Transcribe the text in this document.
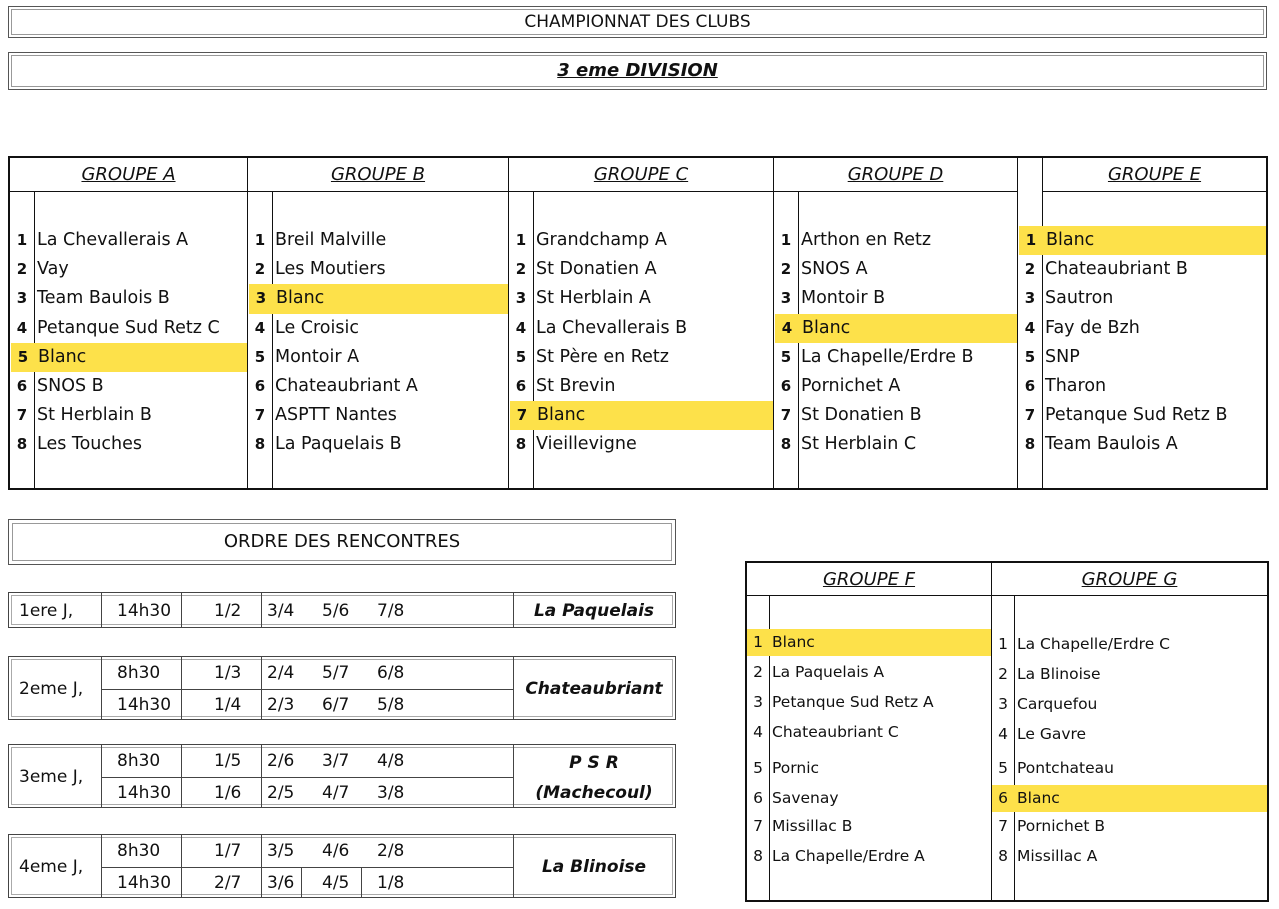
CHAMPIONNAT DES CLUBS
3 eme DIVISION
GROUPE A
1 La Chevallerais A
2 Vay
3 Team Baulois B
4 Petanque Sud Retz C
5 Blanc
6 SNOS B
7 St Herblain B
8 Les Touches
GROUPE B
1 Breil Malville
2 Les Moutiers
3 Blanc
4 Le Croisic
5 Montoir A
6 Chateaubriant A
7 ASPTT Nantes
8 La Paquelais B
GROUPE C
1 Grandchamp A
2 St Donatien A
3 St Herblain A
4 La Chevallerais B
5 St Père en Retz
6 St Brevin
7 Blanc
8 Vieillevigne
GROUPE D
1 Arthon en Retz
2 SNOS A
3 Montoir B
4 Blanc
5 La Chapelle/Erdre B
6 Pornichet A
7 St Donatien B
8 St Herblain C
GROUPE E
1 Blanc
2 Chateaubriant B
3 Sautron
4 Fay de Bzh
5 SNP
6 Tharon
7 Petanque Sud Retz B
8 Team Baulois A
ORDRE DES RENCONTRES
1ere J,	14h30	1/2 3/4 5/6 7/8	La Paquelais
2eme J,
8h30	1/3 2/4 5/7 6/8
14h30	1/4 2/3 6/7 5/8
Chateaubriant
3eme J,
8h30	1/5 2/6 3/7 4/8
14h30	1/6 2/5 4/7 3/8
P S R
(Machecoul)
4eme J,
8h30	1/7 3/5 4/6 2/8
14h30	2/7 3/6 4/5 1/8
La Blinoise
GROUPE F
1 Blanc
2 La Paquelais A
3 Petanque Sud Retz A
4 Chateaubriant C
5 Pornic
6 Savenay
7 Missillac B
8 La Chapelle/Erdre A
GROUPE G
1 La Chapelle/Erdre C
2 La Blinoise
3 Carquefou
4 Le Gavre
5 Pontchateau
6 Blanc
7 Pornichet B
8 Missillac A
